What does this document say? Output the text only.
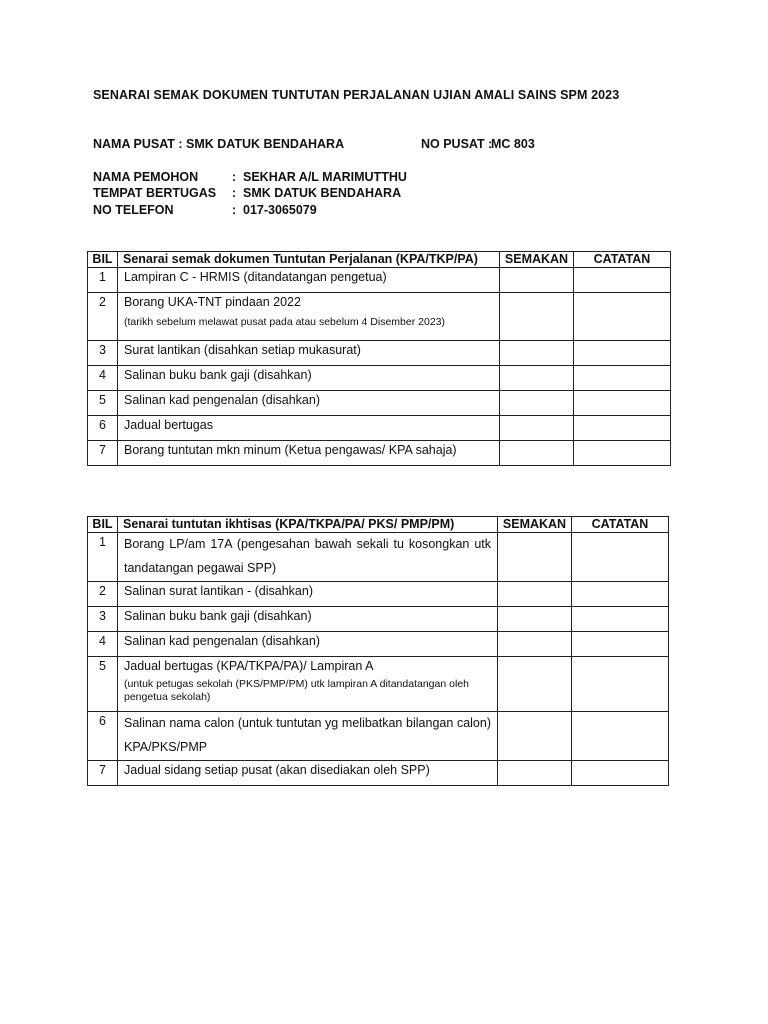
SENARAI SEMAK DOKUMEN TUNTUTAN PERJALANAN UJIAN AMALI SAINS SPM 2023
NAMA PUSAT : SMK DATUK BENDAHARA	NO PUSAT :
MC 803
NAMA PEMOHON	: SEKHAR A/L MARIMUTTHU
TEMPAT BERTUGAS : SMK DATUK BENDAHARA
NO TELEFON	: 017-3065079
BIL	Senarai semak dokumen Tuntutan Perjalanan (KPA/TKP/PA)	SEMAKAN	CATATAN
1	Lampiran C - HRMIS (ditandatangan pengetua)		
2	Borang UKA-TNT pindaan 2022
(tarikh sebelum melawat pusat pada atau sebelum 4 Disember 2023)		

3	Surat lantikan (disahkan setiap mukasurat)		
4	Salinan buku bank gaji (disahkan)		
5	Salinan kad pengenalan (disahkan)		
6	Jadual bertugas		
7	Borang tuntutan mkn minum (Ketua pengawas/ KPA sahaja)		
BIL	Senarai tuntutan ikhtisas (KPA/TKPA/PA/ PKS/ PMP/PM)	SEMAKAN	CATATAN
1	Borang LP/am 17A (pengesahan bawah sekali tu kosongkan utk tandatangan pegawai SPP)		

2	Salinan surat lantikan - (disahkan)		
3	Salinan buku bank gaji (disahkan)		
4	Salinan kad pengenalan (disahkan)		
5	Jadual bertugas (KPA/TKPA/PA)/ Lampiran A
(untuk petugas sekolah (PKS/PMP/PM) utk lampiran A ditandatangan oleh pengetua sekolah)		

6	Salinan nama calon (untuk tuntutan yg melibatkan bilangan calon) KPA/PKS/PMP		

7	Jadual sidang setiap pusat (akan disediakan oleh SPP)		
